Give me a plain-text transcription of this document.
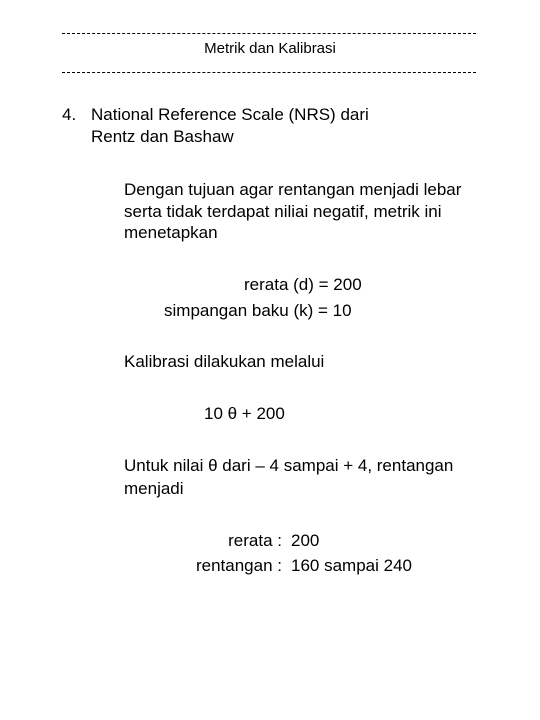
Metrik dan Kalibrasi
4. National Reference Scale (NRS) dari
Rentz dan Bashaw
Dengan tujuan agar rentangan menjadi lebar
serta tidak terdapat niliai negatif, metrik ini
menetapkan
rerata (d) = 200
simpangan baku (k) = 10
Kalibrasi dilakukan melalui
10 θ + 200
Untuk nilai θ dari – 4 sampai + 4, rentangan
menjadi
rerata : 200
rentangan : 160 sampai 240
